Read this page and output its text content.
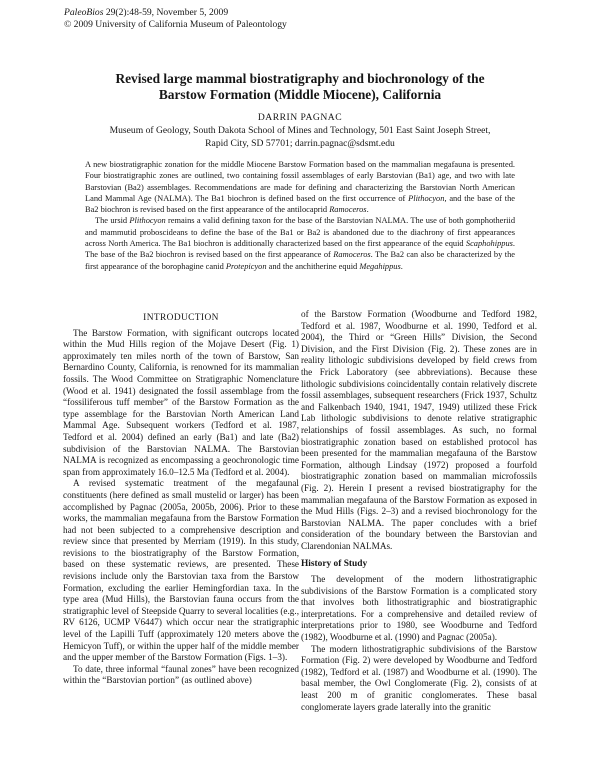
PaleoBios 29(2):48-59, November 5, 2009
© 2009 University of California Museum of Paleontology
Revised large mammal biostratigraphy and biochronology of the
Barstow Formation (Middle Miocene), California
DARRIN PAGNAC
Museum of Geology, South Dakota School of Mines and Technology, 501 East Saint Joseph Street,
Rapid City, SD 57701; darrin.pagnac@sdsmt.edu

A new biostratigraphic zonation for the middle Miocene Barstow Formation based on the mammalian megafauna is presented. Four biostratigraphic zones are outlined, two containing fossil assemblages of early Barstovian (Ba1) age, and two with late Barstovian (Ba2) assemblages. Recommendations are made for defining and characterizing the Barstovian North American Land Mammal Age (NALMA). The Ba1 biochron is defined based on the first occurrence of Plithocyon, and the base of the Ba2 biochron is revised based on the first appearance of the antilocaprid Ramoceros.

The ursid Plithocyon remains a valid defining taxon for the base of the Barstovian NALMA. The use of both gomphotheriid and mammutid proboscideans to define the base of the Ba1 or Ba2 is abandoned due to the diachrony of first appearances across North America. The Ba1 biochron is additionally characterized based on the first appearance of the equid Scaphohippus. The base of the Ba2 biochron is revised based on the first appearance of Ramoceros. The Ba2 can also be characterized by the first appearance of the borophagine canid Protepicyon and the anchitherine equid Megahippus.

INTRODUCTION

The Barstow Formation, with significant outcrops located within the Mud Hills region of the Mojave Desert (Fig. 1) approximately ten miles north of the town of Barstow, San Bernardino County, California, is renowned for its mammalian fossils. The Wood Committee on Stratigraphic Nomenclature (Wood et al. 1941) designated the fossil assemblage from the “fossiliferous tuff member” of the Barstow Formation as the type assemblage for the Barstovian North American Land Mammal Age. Subsequent workers (Tedford et al. 1987, Tedford et al. 2004) defined an early (Ba1) and late (Ba2) subdivision of the Barstovian NALMA. The Barstovian NALMA is recognized as encompassing a geochronologic time span from approximately 16.0–12.5 Ma (Tedford et al. 2004).

A revised systematic treatment of the megafaunal constituents (here defined as small mustelid or larger) has been accomplished by Pagnac (2005a, 2005b, 2006). Prior to these works, the mammalian megafauna from the Barstow Formation had not been subjected to a comprehensive description and review since that presented by Merriam (1919). In this study, revisions to the biostratigraphy of the Barstow Formation, based on these systematic reviews, are presented. These revisions include only the Barstovian taxa from the Barstow Formation, excluding the earlier Hemingfordian taxa. In the type area (Mud Hills), the Barstovian fauna occurs from the stratigraphic level of Steepside Quarry to several localities (e.g., RV 6126, UCMP V6447) which occur near the stratigraphic level of the Lapilli Tuff (approximately 120 meters above the Hemicyon Tuff), or within the upper half of the middle member and the upper member of the Barstow Formation (Figs. 1–3).

To date, three informal “faunal zones” have been recognized within the “Barstovian portion” (as outlined above)

of the Barstow Formation (Woodburne and Tedford 1982, Tedford et al. 1987, Woodburne et al. 1990, Tedford et al. 2004), the Third or “Green Hills” Division, the Second Division, and the First Division (Fig. 2). These zones are in reality lithologic subdivisions developed by field crews from the Frick Laboratory (see abbreviations). Because these lithologic subdivisions coincidentally contain relatively discrete fossil assemblages, subsequent researchers (Frick 1937, Schultz and Falkenbach 1940, 1941, 1947, 1949) utilized these Frick Lab lithologic subdivisions to denote relative stratigraphic relationships of fossil assemblages. As such, no formal biostratigraphic zonation based on established protocol has been presented for the mammalian megafauna of the Barstow Formation, although Lindsay (1972) proposed a fourfold biostratigraphic zonation based on mammalian microfossils (Fig. 2). Herein I present a revised biostratigraphy for the mammalian megafauna of the Barstow Formation as exposed in the Mud Hills (Figs. 2–3) and a revised biochronology for the Barstovian NALMA. The paper concludes with a brief consideration of the boundary between the Barstovian and Clarendonian NALMAs.

History of Study

The development of the modern lithostratigraphic subdivisions of the Barstow Formation is a complicated story that involves both lithostratigraphic and biostratigraphic interpretations. For a comprehensive and detailed review of interpretations prior to 1980, see Woodburne and Tedford (1982), Woodburne et al. (1990) and Pagnac (2005a).

The modern lithostratigraphic subdivisions of the Barstow Formation (Fig. 2) were developed by Woodburne and Tedford (1982), Tedford et al. (1987) and Woodburne et al. (1990). The basal member, the Owl Conglomerate (Fig. 2), consists of at least 200 m of granitic conglomerates. These basal conglomerate layers grade laterally into the granitic
